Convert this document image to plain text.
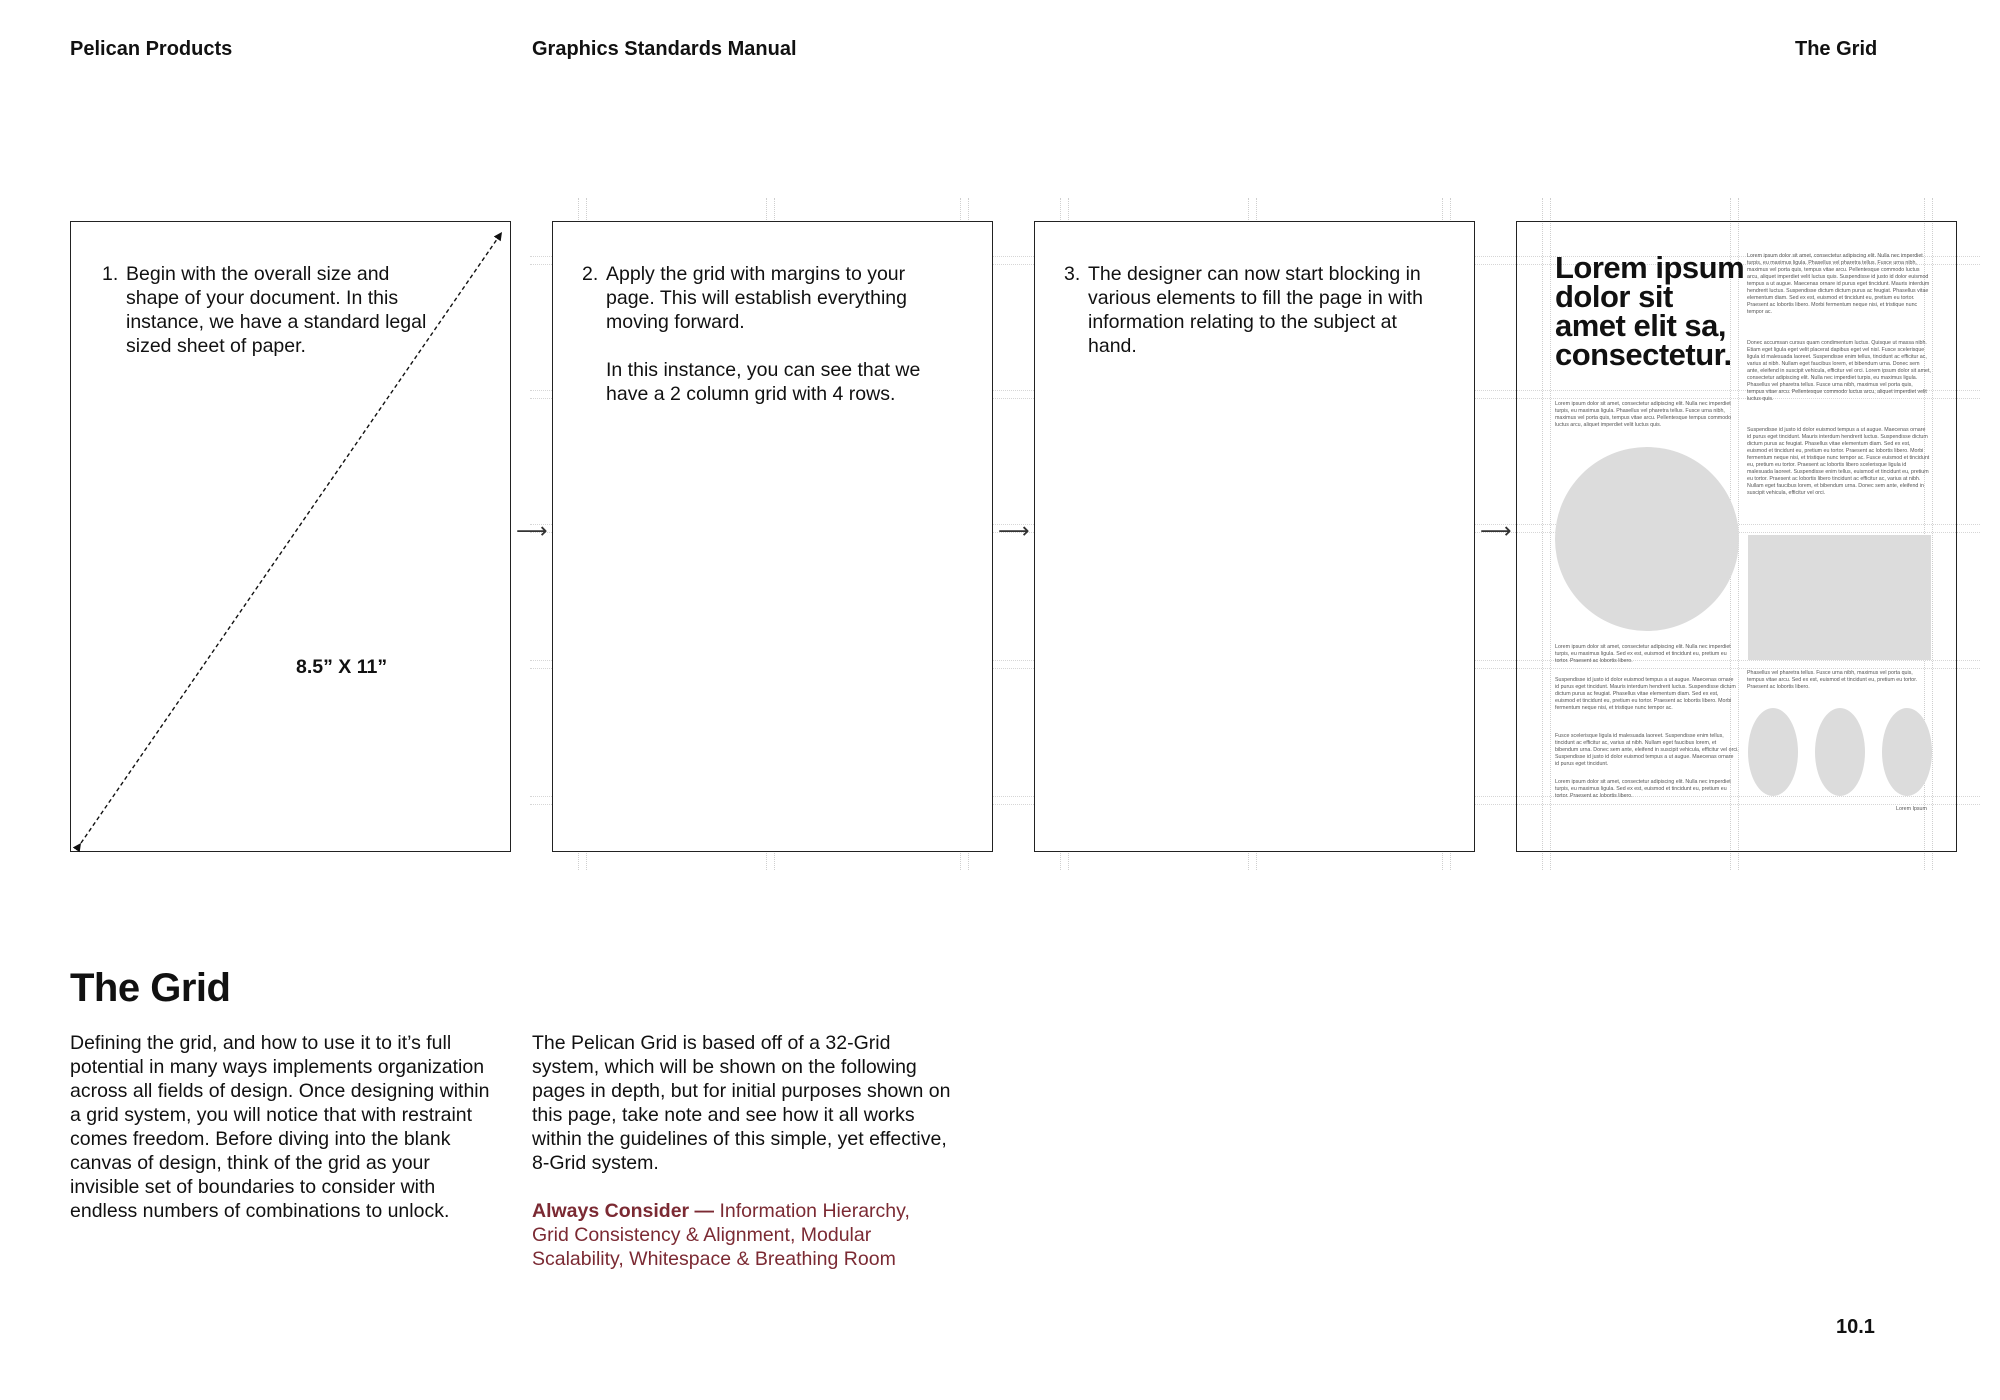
Pelican Products	Graphics Standards Manual	The Grid
1. Begin with the overall size and shape of your document. In this instance, we have a standard legal sized sheet of paper.
8.5” X 11”
⟶
2. Apply the grid with margins to your page. This will establish everything moving forward.
In this instance, you can see that we have a 2 column grid with 4 rows.
⟶
3. The designer can now start blocking in various elements to fill the page in with information relating to the subject at hand.
⟶
Lorem ipsum dolor sit amet elit sa, consectetur.
Lorem ipsum dolor sit amet, consectetur adipiscing elit. Nulla nec imperdiet turpis, eu maximus ligula. Phasellus vel pharetra tellus. Fusce urna nibh, maximus vel porta quis, tempus vitae arcu. Pellentesque commodo luctus arcu, aliquet imperdiet velit luctus quis. Suspendisse id justo id dolor euismod tempus a ut augue. Maecenas ornare id purus eget tincidunt. Mauris interdum hendrerit luctus. Suspendisse dictum dictum purus ac feugiat. Phasellus vitae elementum diam. Sed ex est, euismod et tincidunt eu, pretium eu tortor. Praesent ac lobortis libero. Morbi fermentum neque nisi, et tristique nunc tempor ac.
Donec accumsan cursus quam condimentum luctus. Quisque ut massa nibh. Etiam eget ligula eget velit placerat dapibus eget vel nisl. Fusce scelerisque ligula id malesuada laoreet. Suspendisse enim tellus, tincidunt ac efficitur ac, varius at nibh. Nullam eget faucibus lorem, et bibendum urna. Donec sem ante, eleifend in suscipit vehicula, efficitur vel orci. Lorem ipsum dolor sit amet, consectetur adipiscing elit. Nulla nec imperdiet turpis, eu maximus ligula. Phasellus vel pharetra tellus. Fusce urna nibh, maximus vel porta quis, tempus vitae arcu. Pellentesque commodo luctus arcu, aliquet imperdiet velit luctus quis.
Suspendisse id justo id dolor euismod tempus a ut augue. Maecenas ornare id purus eget tincidunt. Mauris interdum hendrerit luctus. Suspendisse dictum dictum purus ac feugiat. Phasellus vitae elementum diam. Sed ex est, euismod et tincidunt eu, pretium eu tortor. Praesent ac lobortis libero. Morbi fermentum neque nisi, et tristique nunc tempor ac. Fusce euismod et tincidunt eu, pretium eu tortor. Praesent ac lobortis libero scelerisque ligula id malesuada laoreet. Suspendisse enim tellus, euismod et tincidunt eu, pretium eu tortor. Praesent ac lobortis libero tincidunt ac efficitur ac, varius at nibh. Nullam eget faucibus lorem, et bibendum urna. Donec sem ante, eleifend in suscipit vehicula, efficitur vel orci.
Lorem ipsum dolor sit amet, consectetur adipiscing elit. Nulla nec imperdiet turpis, eu maximus ligula. Phasellus vel pharetra tellus. Fusce urna nibh, maximus vel porta quis, tempus vitae arcu. Pellentesque tempus commodo luctus arcu, aliquet imperdiet velit luctus quis.
Lorem ipsum dolor sit amet, consectetur adipiscing elit. Nulla nec imperdiet turpis, eu maximus ligula. Sed ex est, euismod et tincidunt eu, pretium eu tortor. Praesent ac lobortis libero.
Suspendisse id justo id dolor euismod tempus a ut augue. Maecenas ornare id purus eget tincidunt. Mauris interdum hendrerit luctus. Suspendisse dictum dictum purus ac feugiat. Phasellus vitae elementum diam. Sed ex est, euismod et tincidunt eu, pretium eu tortor. Praesent ac lobortis libero. Morbi fermentum neque nisi, et tristique nunc tempor ac.
Fusce scelerisque ligula id malesuada laoreet. Suspendisse enim tellus, tincidunt ac efficitur ac, varius at nibh. Nullam eget faucibus lorem, et bibendum urna. Donec sem ante, eleifend in suscipit vehicula, efficitur vel orci. Suspendisse id justo id dolor euismod tempus a ut augue. Maecenas ornare id purus eget tincidunt.
Lorem ipsum dolor sit amet, consectetur adipiscing elit. Nulla nec imperdiet turpis, eu maximus ligula. Sed ex est, euismod et tincidunt eu, pretium eu tortor. Praesent ac lobortis libero.
Phasellus vel pharetra tellus. Fusce urna nibh, maximus vel porta quis, tempus vitae arcu. Sed ex est, euismod et tincidunt eu, pretium eu tortor. Praesent ac lobortis libero.
Lorem Ipsum
The Grid
Defining the grid, and how to use it to it’s full potential in many ways implements organization across all fields of design. Once designing within a grid system, you will notice that with restraint comes freedom. Before diving into the blank canvas of design, think of the grid as your invisible set of boundaries to consider with endless numbers of combinations to unlock.
The Pelican Grid is based off of a 32-Grid system, which will be shown on the following pages in depth, but for initial purposes shown on this page, take note and see how it all works within the guidelines of this simple, yet effective, 8-Grid system.
Always Consider — Information Hierarchy, Grid Consistency & Alignment, Modular Scalability, Whitespace & Breathing Room
10.1
